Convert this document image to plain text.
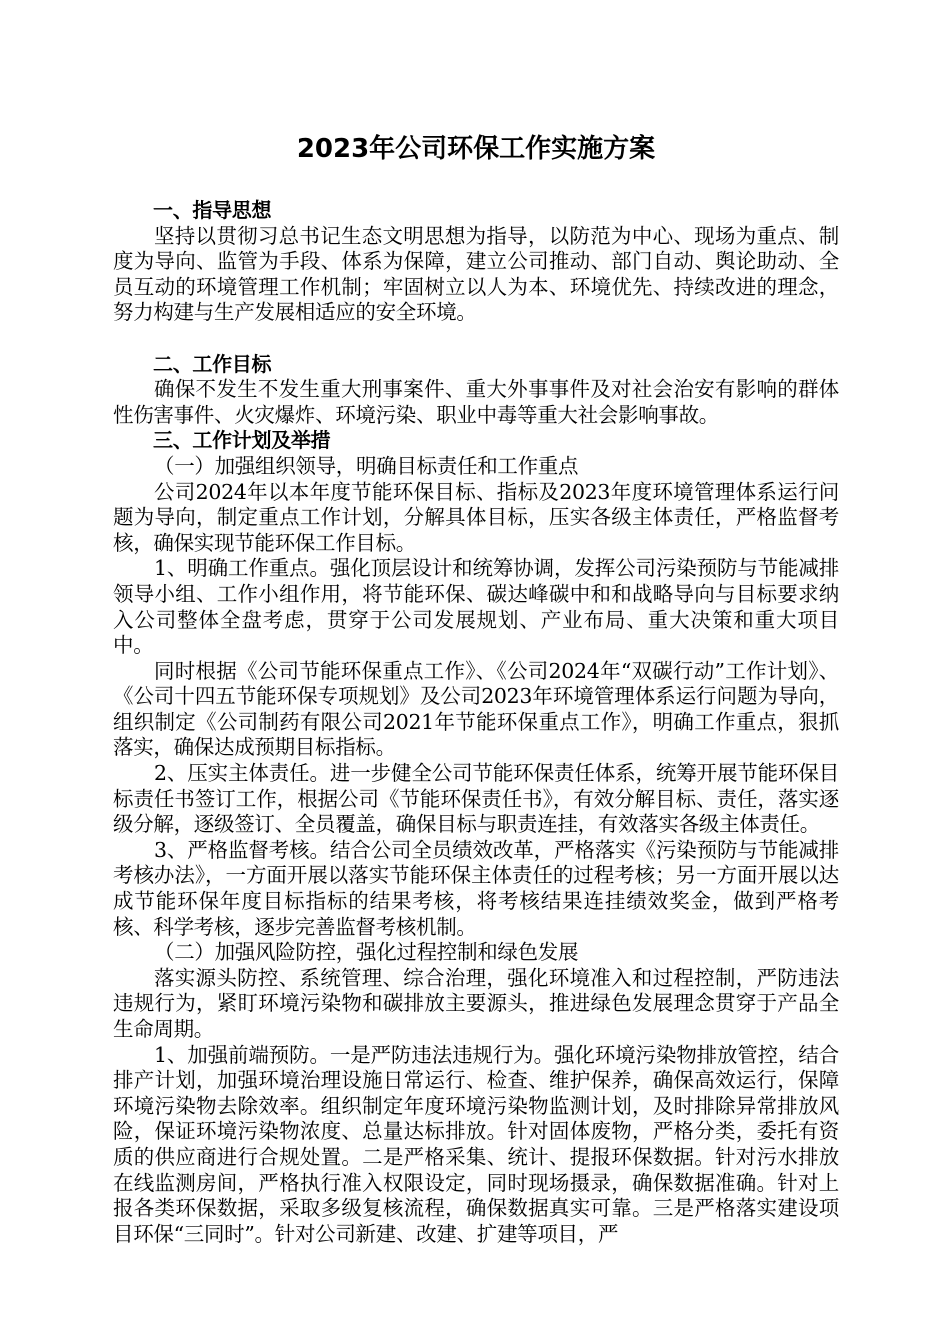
2023年公司环保工作实施方案

一、指导思想

坚持以贯彻习总书记生态文明思想为指导，以防范为中心、现场为重点、制度为导向、监管为手段、体系为保障，建立公司推动、部门自动、舆论助动、全员互动的环境管理工作机制；牢固树立以人为本、环境优先、持续改进的理念，努力构建与生产发展相适应的安全环境。

二、工作目标

确保不发生不发生重大刑事案件、重大外事事件及对社会治安有影响的群体性伤害事件、火灾爆炸、环境污染、职业中毒等重大社会影响事故。

三、工作计划及举措

（一）加强组织领导，明确目标责任和工作重点

公司2024年以本年度节能环保目标、指标及2023年度环境管理体系运行问题为导向，制定重点工作计划，分解具体目标，压实各级主体责任，严格监督考核，确保实现节能环保工作目标。

1、明确工作重点。强化顶层设计和统筹协调，发挥公司污染预防与节能减排领导小组、工作小组作用，将节能环保、碳达峰碳中和和战略导向与目标要求纳入公司整体全盘考虑，贯穿于公司发展规划、产业布局、重大决策和重大项目中。

同时根据《公司节能环保重点工作》、《公司2024年“双碳行动”工作计划》、《公司十四五节能环保专项规划》及公司2023年环境管理体系运行问题为导向，组织制定《公司制药有限公司2021年节能环保重点工作》，明确工作重点，狠抓落实，确保达成预期目标指标。

2、压实主体责任。进一步健全公司节能环保责任体系，统筹开展节能环保目标责任书签订工作，根据公司《节能环保责任书》，有效分解目标、责任，落实逐级分解，逐级签订、全员覆盖，确保目标与职责连挂，有效落实各级主体责任。

3、严格监督考核。结合公司全员绩效改革，严格落实《污染预防与节能减排考核办法》，一方面开展以落实节能环保主体责任的过程考核；另一方面开展以达成节能环保年度目标指标的结果考核，将考核结果连挂绩效奖金，做到严格考核、科学考核，逐步完善监督考核机制。

（二）加强风险防控，强化过程控制和绿色发展

落实源头防控、系统管理、综合治理，强化环境准入和过程控制，严防违法违规行为，紧盯环境污染物和碳排放主要源头，推进绿色发展理念贯穿于产品全生命周期。

1、加强前端预防。一是严防违法违规行为。强化环境污染物排放管控，结合排产计划，加强环境治理设施日常运行、检查、维护保养，确保高效运行，保障环境污染物去除效率。组织制定年度环境污染物监测计划，及时排除异常排放风险，保证环境污染物浓度、总量达标排放。针对固体废物，严格分类，委托有资质的供应商进行合规处置。二是严格采集、统计、提报环保数据。针对污水排放在线监测房间，严格执行准入权限设定，同时现场摄录，确保数据准确。针对上报各类环保数据，采取多级复核流程，确保数据真实可靠。三是严格落实建设项目环保“三同时”。针对公司新建、改建、扩建等项目，严
